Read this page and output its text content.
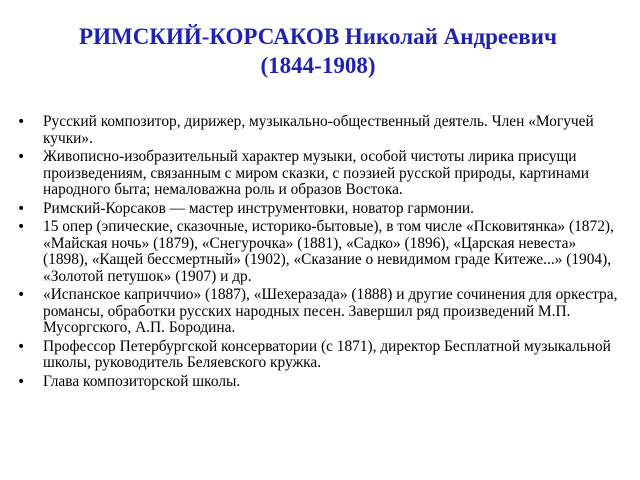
РИМСКИЙ-КОРСАКОВ Николай Андреевич
(1844-1908)
• Русский композитор, дирижер, музыкально-общественный деятель. Член «Могучей кучки».
• Живописно-изобразительный характер музыки, особой чистоты лирика присущи произведениям, связанным с миром сказки, с поэзией русской природы, картинами народного быта; немаловажна роль и образов Востока.
• Римский-Корсаков — мастер инструментовки, новатор гармонии.
• 15 опер (эпические, сказочные, историко-бытовые), в том числе «Псковитянка» (1872), «Майская ночь» (1879), «Снегурочка» (1881), «Садко» (1896), «Царская невеста» (1898), «Кащей бессмертный» (1902), «Сказание о невидимом граде Китеже...» (1904), «Золотой петушок» (1907) и др.
• «Испанское каприччио» (1887), «Шехеразада» (1888) и другие сочинения для оркестра, романсы, обработки русских народных песен. Завершил ряд произведений М.П. Мусоргского, А.П. Бородина.
• Профессор Петербургской консерватории (с 1871), директор Бесплатной музыкальной школы, руководитель Беляевского кружка.
• Глава композиторской школы.
